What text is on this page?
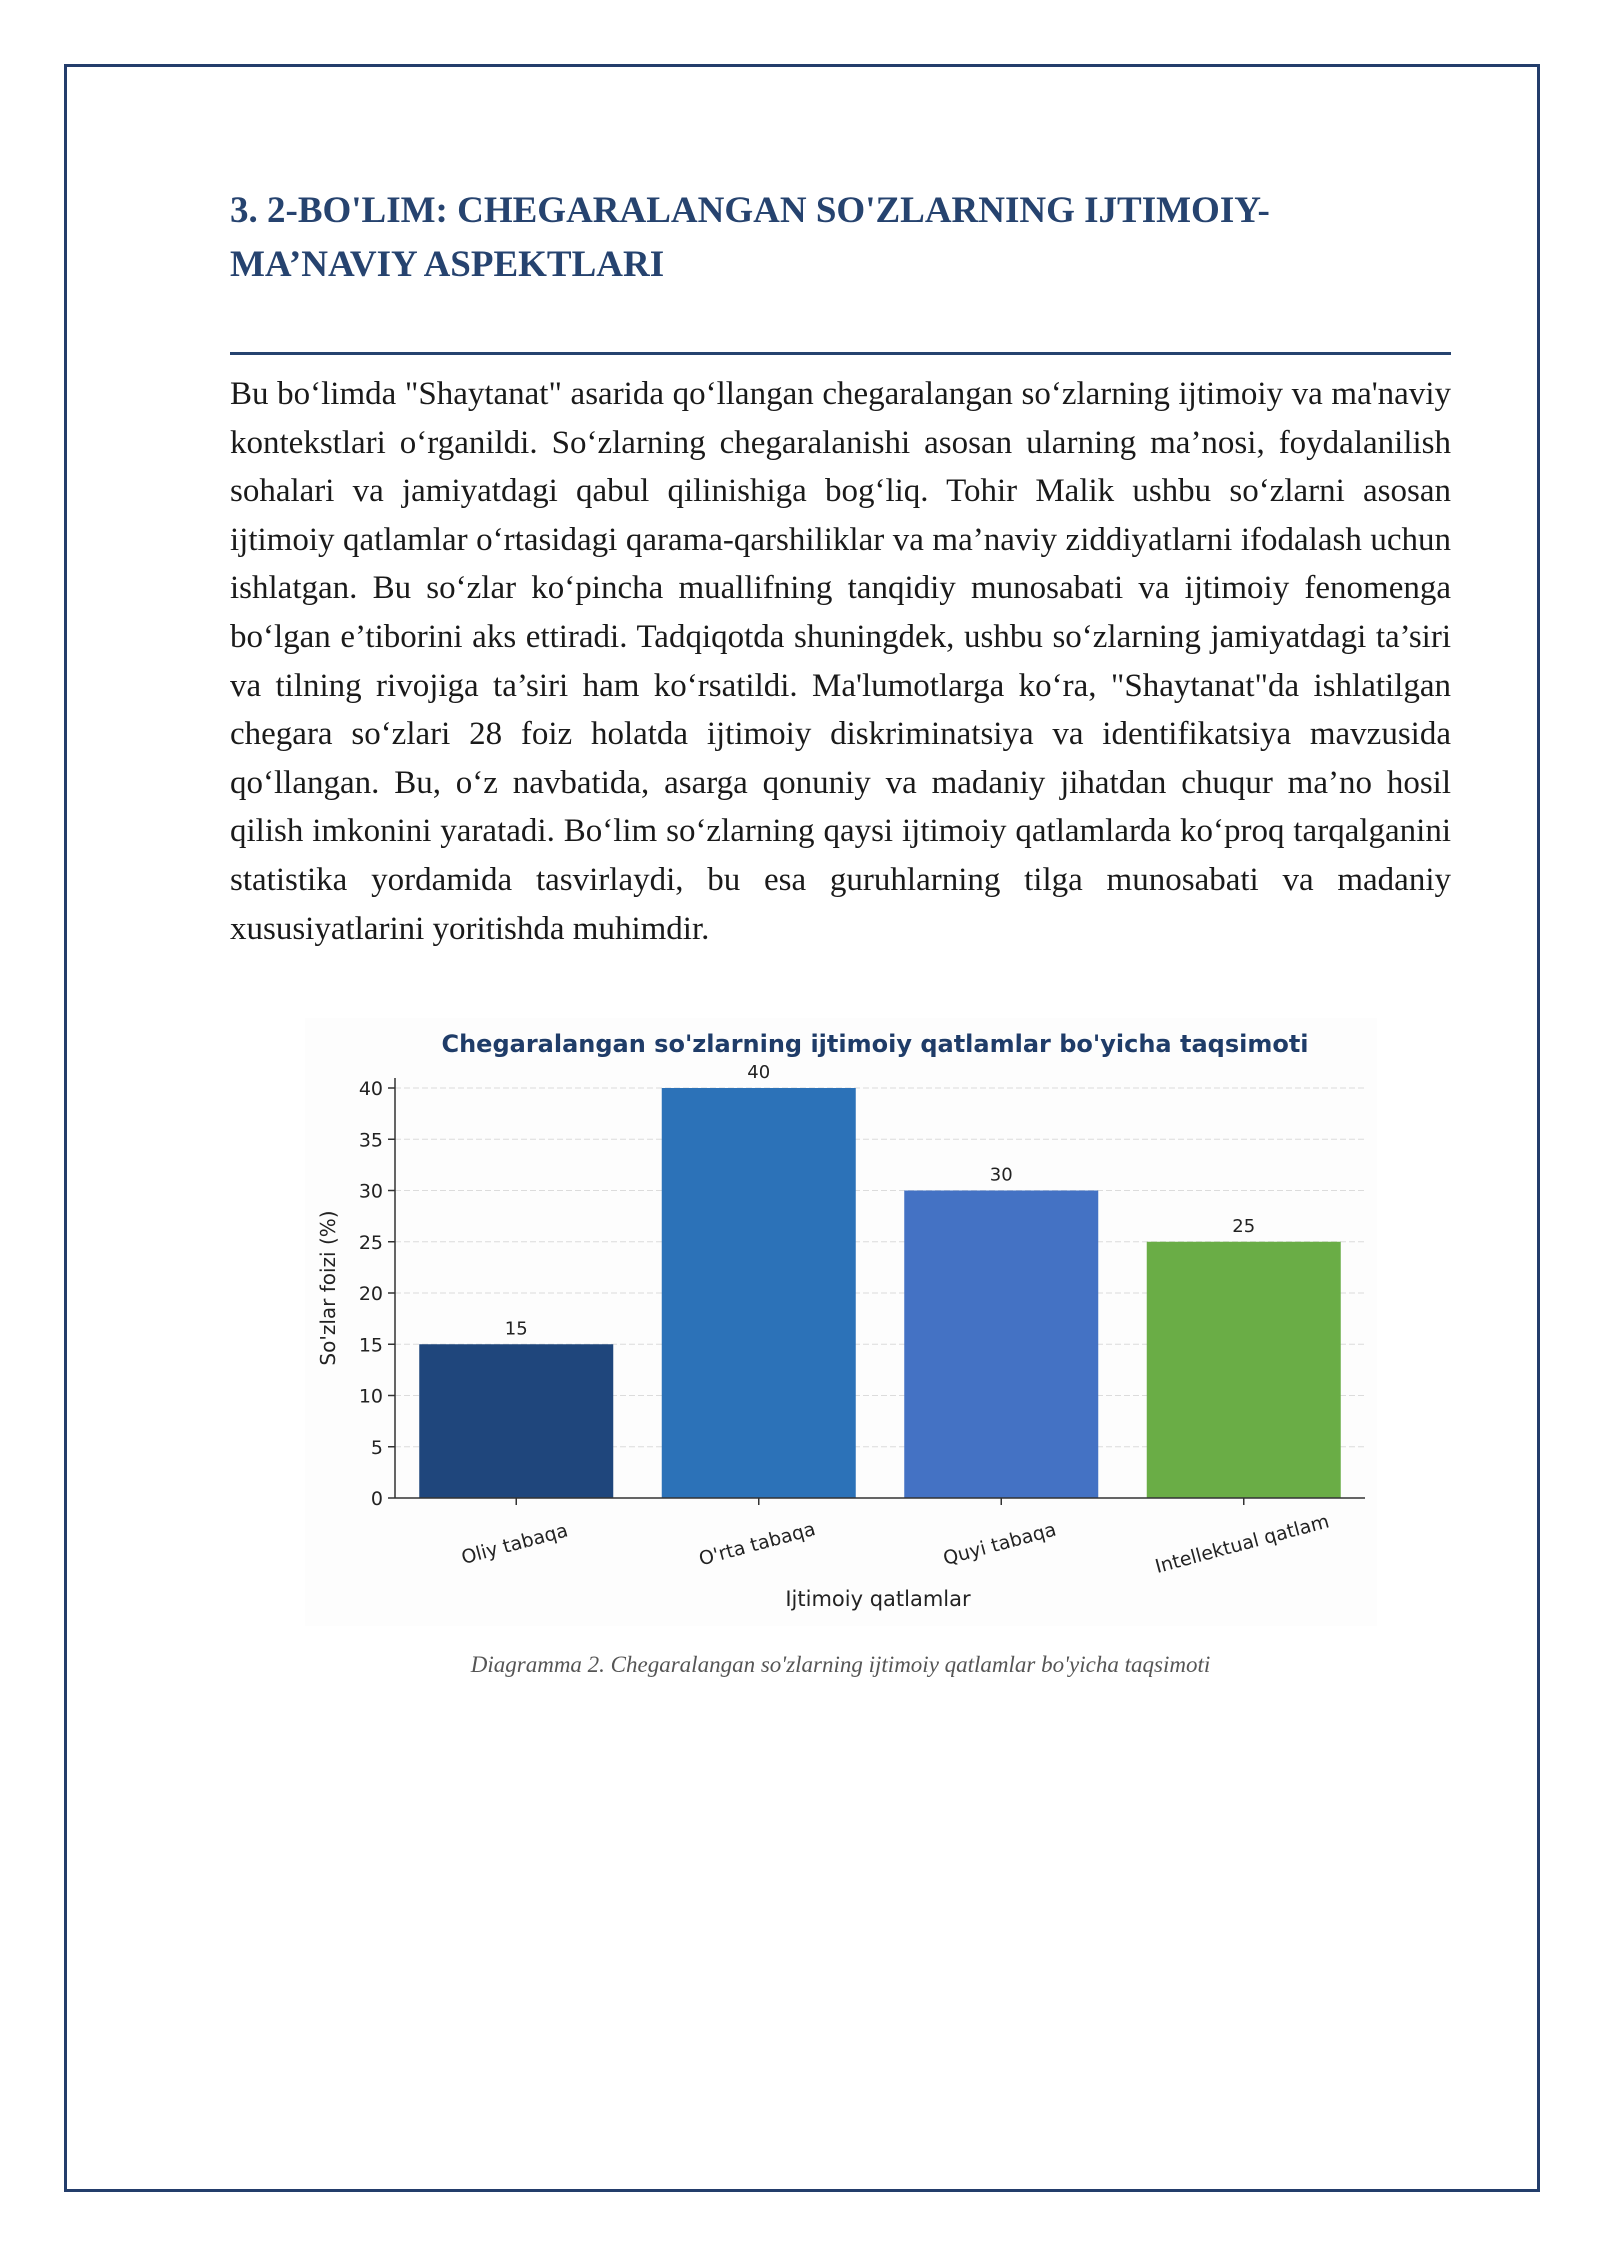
3. 2-BO'LIM: CHEGARALANGAN SO'ZLARNING IJTIMOIY-MA’NAVIY ASPEKTLARI

Bu bo‘limda "Shaytanat" asarida qo‘llangan chegaralangan so‘zlarning ijtimoiy va ma'naviy kontekstlari o‘rganildi. So‘zlarning chegaralanishi asosan ularning ma’nosi, foydalanilish sohalari va jamiyatdagi qabul qilinishiga bog‘liq. Tohir Malik ushbu so‘zlarni asosan ijtimoiy qatlamlar o‘rtasidagi qarama-qarshiliklar va ma’naviy ziddiyatlarni ifodalash uchun ishlatgan. Bu so‘zlar ko‘pincha muallifning tanqidiy munosabati va ijtimoiy fenomenga bo‘lgan e’tiborini aks ettiradi. Tadqiqotda shuningdek, ushbu so‘zlarning jamiyatdagi ta’siri va tilning rivojiga ta’siri ham ko‘rsatildi. Ma'lumotlarga ko‘ra, "Shaytanat"da ishlatilgan chegara so‘zlari 28 foiz holatda ijtimoiy diskriminatsiya va identifikatsiya mavzusida qo‘llangan. Bu, o‘z navbatida, asarga qonuniy va madaniy jihatdan chuqur ma’no hosil qilish imkonini yaratadi. Bo‘lim so‘zlarning qaysi ijtimoiy qatlamlarda ko‘proq tarqalganini statistika yordamida tasvirlaydi, bu esa guruhlarning tilga munosabati va madaniy xususiyatlarini yoritishda muhimdir.

Chegaralangan so'zlarning ijtimoiy qatlamlar bo'yicha taqsimoti
15
40
30
25
0
5
10
15
20
25
30
35
40
Oliy tabaqa	O'rta tabaqa	Quyi tabaqa	Intellektual qatlam
So'zlar foizi (%)
Ijtimoiy qatlamlar

Diagramma 2. Chegaralangan so'zlarning ijtimoiy qatlamlar bo'yicha taqsimoti
